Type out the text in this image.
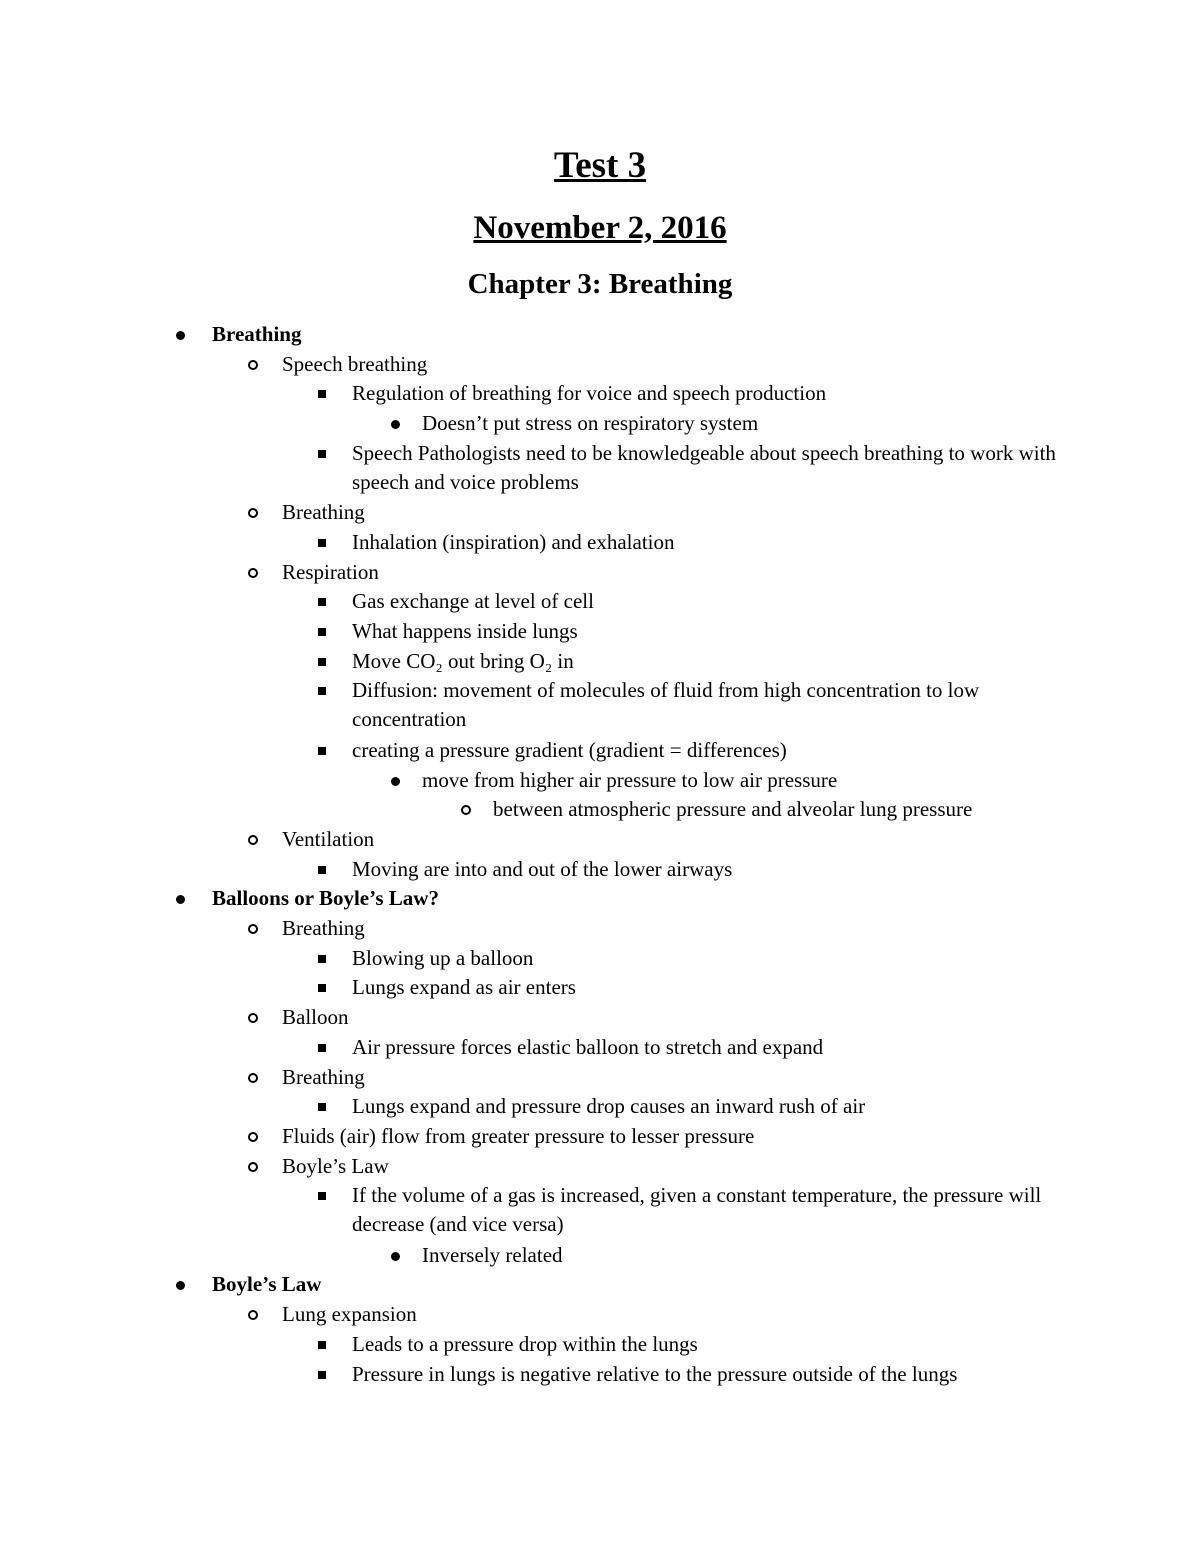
Test 3
November 2, 2016
Chapter 3: Breathing
Breathing
Speech breathing
Regulation of breathing for voice and speech production
Doesn’t put stress on respiratory system
Speech Pathologists need to be knowledgeable about speech breathing to work with speech and voice problems
Breathing
Inhalation (inspiration) and exhalation
Respiration
Gas exchange at level of cell
What happens inside lungs
Move CO₂ out bring O₂ in
Diffusion: movement of molecules of fluid from high concentration to low concentration
creating a pressure gradient (gradient = differences)
move from higher air pressure to low air pressure
between atmospheric pressure and alveolar lung pressure
Ventilation
Moving are into and out of the lower airways
Balloons or Boyle’s Law?
Breathing
Blowing up a balloon
Lungs expand as air enters
Balloon
Air pressure forces elastic balloon to stretch and expand
Breathing
Lungs expand and pressure drop causes an inward rush of air
Fluids (air) flow from greater pressure to lesser pressure
Boyle’s Law
If the volume of a gas is increased, given a constant temperature, the pressure will decrease (and vice versa)
Inversely related
Boyle’s Law
Lung expansion
Leads to a pressure drop within the lungs
Pressure in lungs is negative relative to the pressure outside of the lungs
